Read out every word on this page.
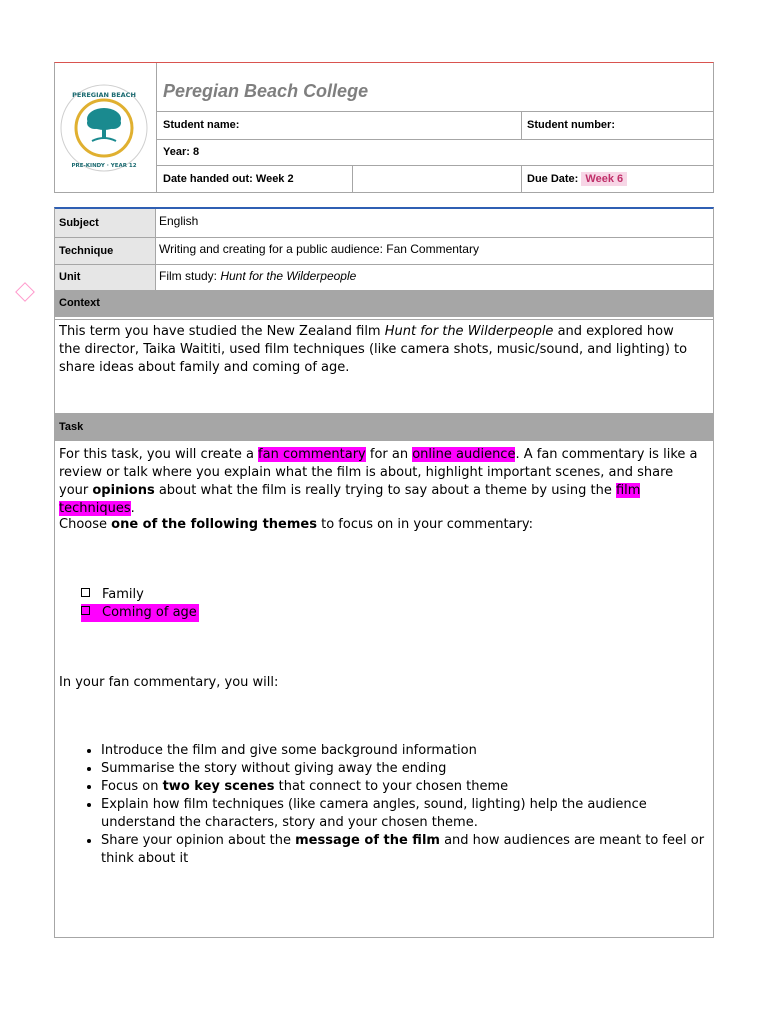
PEREGIAN BEACH
PRE-KINDY · YEAR 12
Peregian Beach College
Student name:	Student number:
Year: 8
Date handed out: Week 2	Due Date: Week 6
Subject	English
Technique	Writing and creating for a public audience: Fan Commentary
Unit	Film study: Hunt for the Wilderpeople
Context
This term you have studied the New Zealand film Hunt for the Wilderpeople and explored how the director, Taika Waititi, used film techniques (like camera shots, music/sound, and lighting) to share ideas about family and coming of age.
Task
For this task, you will create a fan commentary for an online audience. A fan commentary is like a review or talk where you explain what the film is about, highlight important scenes, and share your opinions about what the film is really trying to say about a theme by using the film techniques.
Choose one of the following themes to focus on in your commentary:
Family
Coming of age
In your fan commentary, you will:
• Introduce the film and give some background information
• Summarise the story without giving away the ending
• Focus on two key scenes that connect to your chosen theme
• Explain how film techniques (like camera angles, sound, lighting) help the audience understand the characters, story and your chosen theme.
• Share your opinion about the message of the film and how audiences are meant to feel or think about it
